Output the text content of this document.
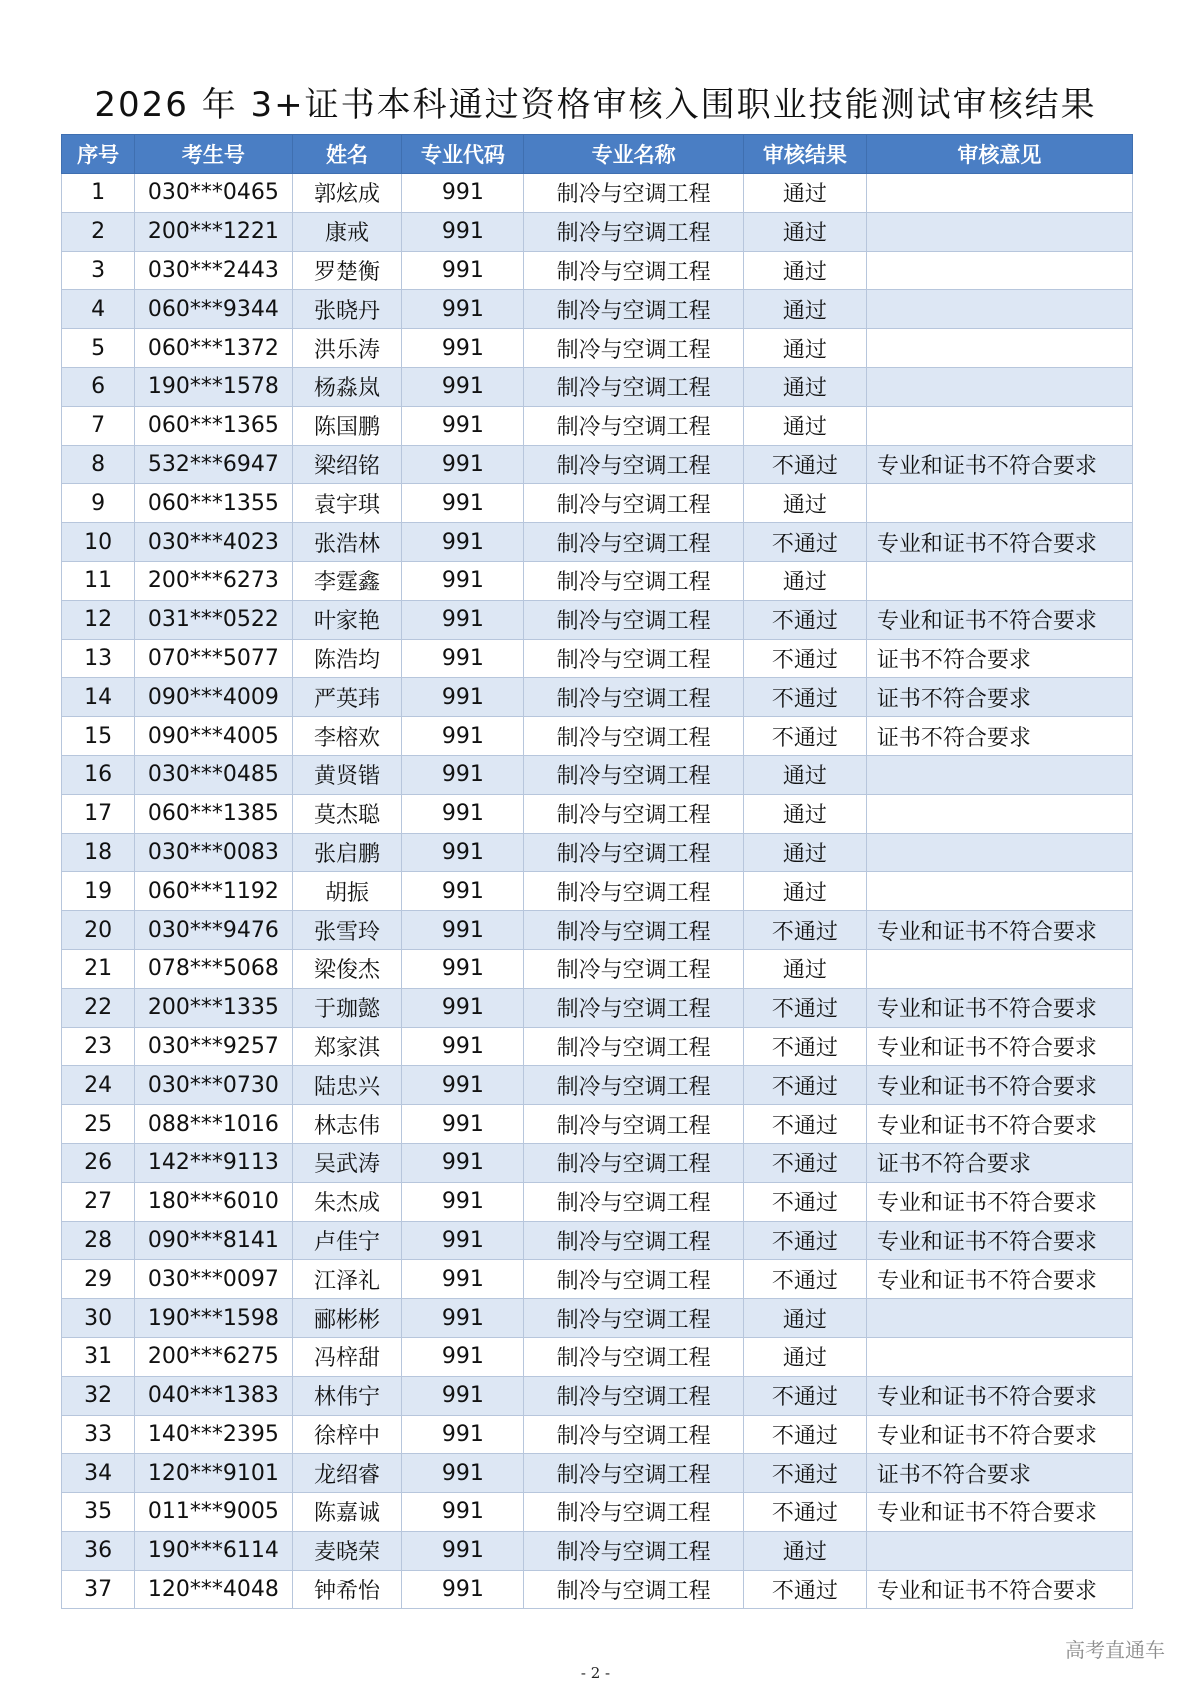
2026 年 3+证书本科通过资格审核入围职业技能测试审核结果
序号	考生号	姓名	专业代码	专业名称	审核结果	审核意见
1	030***0465	郭炫成	991	制冷与空调工程	通过	
2	200***1221	康戒	991	制冷与空调工程	通过	
3	030***2443	罗楚衡	991	制冷与空调工程	通过	
4	060***9344	张晓丹	991	制冷与空调工程	通过	
5	060***1372	洪乐涛	991	制冷与空调工程	通过	
6	190***1578	杨淼岚	991	制冷与空调工程	通过	
7	060***1365	陈国鹏	991	制冷与空调工程	通过	
8	532***6947	梁绍铭	991	制冷与空调工程	不通过	专业和证书不符合要求
9	060***1355	袁宇琪	991	制冷与空调工程	通过	
10	030***4023	张浩林	991	制冷与空调工程	不通过	专业和证书不符合要求
11	200***6273	李霆鑫	991	制冷与空调工程	通过	
12	031***0522	叶家艳	991	制冷与空调工程	不通过	专业和证书不符合要求
13	070***5077	陈浩均	991	制冷与空调工程	不通过	证书不符合要求
14	090***4009	严英玮	991	制冷与空调工程	不通过	证书不符合要求
15	090***4005	李榕欢	991	制冷与空调工程	不通过	证书不符合要求
16	030***0485	黄贤锴	991	制冷与空调工程	通过	
17	060***1385	莫杰聪	991	制冷与空调工程	通过	
18	030***0083	张启鹏	991	制冷与空调工程	通过	
19	060***1192	胡振	991	制冷与空调工程	通过	
20	030***9476	张雪玲	991	制冷与空调工程	不通过	专业和证书不符合要求
21	078***5068	梁俊杰	991	制冷与空调工程	通过	
22	200***1335	于珈懿	991	制冷与空调工程	不通过	专业和证书不符合要求
23	030***9257	郑家淇	991	制冷与空调工程	不通过	专业和证书不符合要求
24	030***0730	陆忠兴	991	制冷与空调工程	不通过	专业和证书不符合要求
25	088***1016	林志伟	991	制冷与空调工程	不通过	专业和证书不符合要求
26	142***9113	吴武涛	991	制冷与空调工程	不通过	证书不符合要求
27	180***6010	朱杰成	991	制冷与空调工程	不通过	专业和证书不符合要求
28	090***8141	卢佳宁	991	制冷与空调工程	不通过	专业和证书不符合要求
29	030***0097	江泽礼	991	制冷与空调工程	不通过	专业和证书不符合要求
30	190***1598	郦彬彬	991	制冷与空调工程	通过	
31	200***6275	冯梓甜	991	制冷与空调工程	通过	
32	040***1383	林伟宁	991	制冷与空调工程	不通过	专业和证书不符合要求
33	140***2395	徐梓中	991	制冷与空调工程	不通过	专业和证书不符合要求
34	120***9101	龙绍睿	991	制冷与空调工程	不通过	证书不符合要求
35	011***9005	陈嘉诚	991	制冷与空调工程	不通过	专业和证书不符合要求
36	190***6114	麦晓荣	991	制冷与空调工程	通过	
37	120***4048	钟希怡	991	制冷与空调工程	不通过	专业和证书不符合要求
高考直通车
- 2 -
